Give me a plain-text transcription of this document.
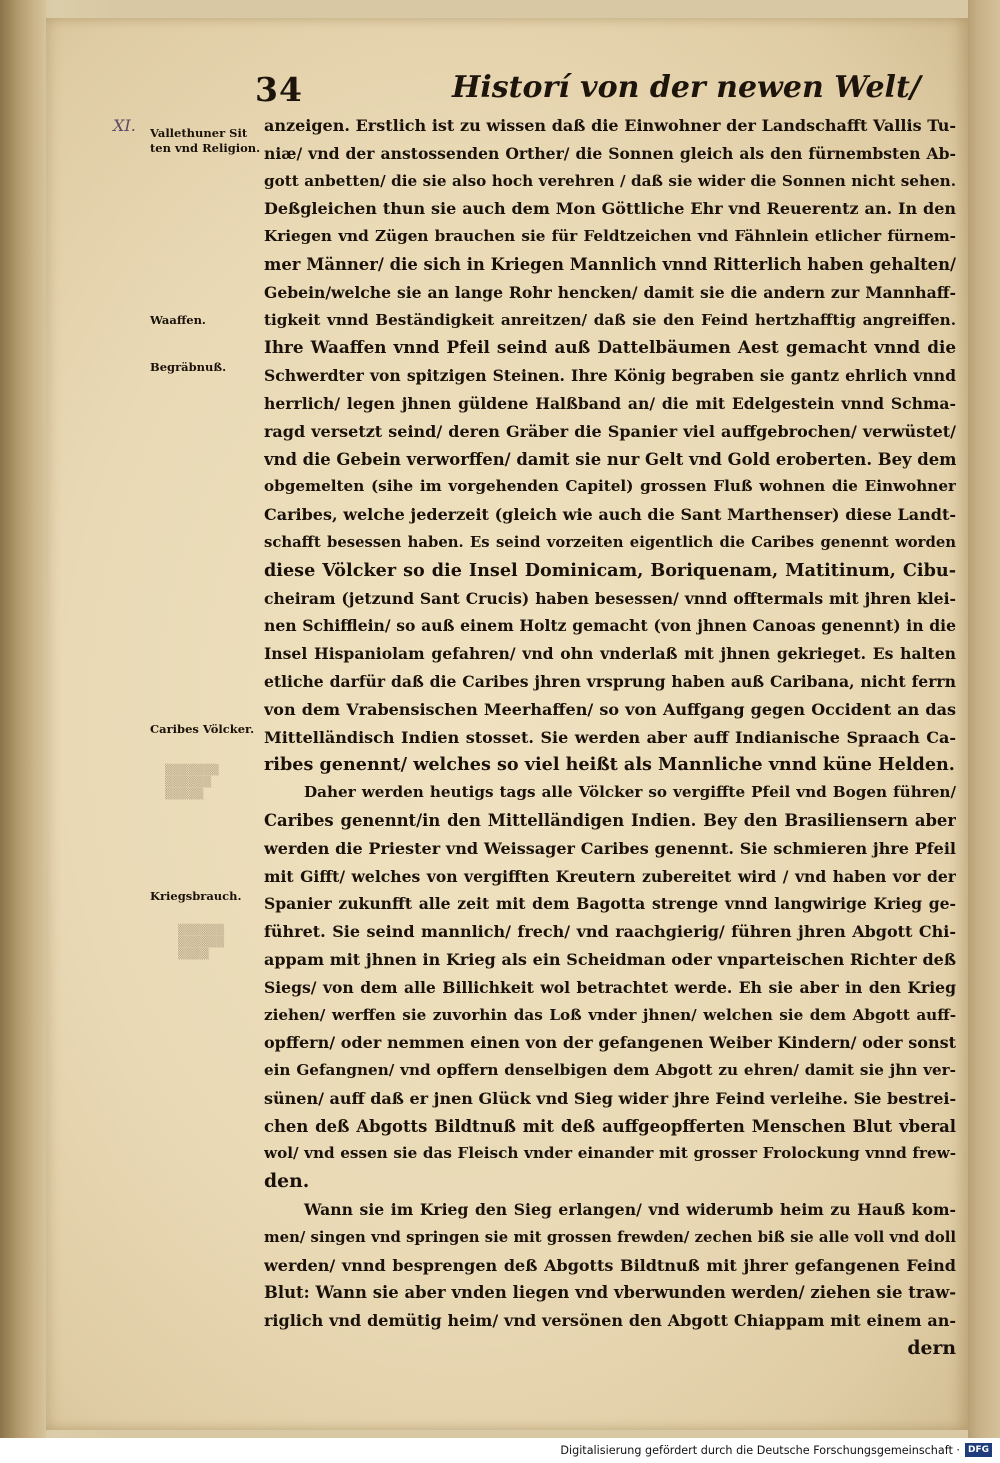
34	Historí von der newen Welt/
XI. Vallethuner Sit
ten vnd Religion.
Waaffen.
Begräbnuß.
Caribes Völcker.
Kriegsbrauch.
▒▒▒▒▒▒▒
▒▒▒▒▒▒
▒▒▒▒▒
▒▒▒▒▒▒
▒▒▒▒▒▒
▒▒▒▒
anzeigen. Erstlich ist zu wissen daß die Einwohner der Landschafft Vallis Tu-
niæ/ vnd der anstossenden Orther/ die Sonnen gleich als den fürnembsten Ab-
gott anbetten/ die sie also hoch verehren / daß sie wider die Sonnen nicht sehen.
Deßgleichen thun sie auch dem Mon Göttliche Ehr vnd Reuerentz an. In den
Kriegen vnd Zügen brauchen sie für Feldtzeichen vnd Fähnlein etlicher fürnem-
mer Männer/ die sich in Kriegen Mannlich vnnd Ritterlich haben gehalten/
Gebein/welche sie an lange Rohr hencken/ damit sie die andern zur Mannhaff-
tigkeit vnnd Beständigkeit anreitzen/ daß sie den Feind hertzhafftig angreiffen.
Ihre Waaffen vnnd Pfeil seind auß Dattelbäumen Aest gemacht vnnd die
Schwerdter von spitzigen Steinen. Ihre König begraben sie gantz ehrlich vnnd
herrlich/ legen jhnen güldene Halßband an/ die mit Edelgestein vnnd Schma-
ragd versetzt seind/ deren Gräber die Spanier viel auffgebrochen/ verwüstet/
vnd die Gebein verworffen/ damit sie nur Gelt vnd Gold eroberten. Bey dem
obgemelten (sihe im vorgehenden Capitel) grossen Fluß wohnen die Einwohner
Caribes, welche jederzeit (gleich wie auch die Sant Marthenser) diese Landt-
schafft besessen haben. Es seind vorzeiten eigentlich die Caribes genennt worden
diese Völcker so die Insel Dominicam, Boriquenam, Matitinum, Cibu-
cheiram (jetzund Sant Crucis) haben besessen/ vnnd offtermals mit jhren klei-
nen Schifflein/ so auß einem Holtz gemacht (von jhnen Canoas genennt) in die
Insel Hispaniolam gefahren/ vnd ohn vnderlaß mit jhnen gekrieget. Es halten
etliche darfür daß die Caribes jhren vrsprung haben auß Caribana, nicht ferrn
von dem Vrabensischen Meerhaffen/ so von Auffgang gegen Occident an das
Mittelländisch Indien stosset. Sie werden aber auff Indianische Spraach Ca-
ribes genennt/ welches so viel heißt als Mannliche vnnd küne Helden.
Daher werden heutigs tags alle Völcker so vergiffte Pfeil vnd Bogen führen/
Caribes genennt/in den Mittelländigen Indien. Bey den Brasiliensern aber
werden die Priester vnd Weissager Caribes genennt. Sie schmieren jhre Pfeil
mit Gifft/ welches von vergifften Kreutern zubereitet wird / vnd haben vor der
Spanier zukunfft alle zeit mit dem Bagotta strenge vnnd langwirige Krieg ge-
führet. Sie seind mannlich/ frech/ vnd raachgierig/ führen jhren Abgott Chi-
appam mit jhnen in Krieg als ein Scheidman oder vnparteischen Richter deß
Siegs/ von dem alle Billichkeit wol betrachtet werde. Eh sie aber in den Krieg
ziehen/ werffen sie zuvorhin das Loß vnder jhnen/ welchen sie dem Abgott auff-
opffern/ oder nemmen einen von der gefangenen Weiber Kindern/ oder sonst
ein Gefangnen/ vnd opffern denselbigen dem Abgott zu ehren/ damit sie jhn ver-
sünen/ auff daß er jnen Glück vnd Sieg wider jhre Feind verleihe. Sie bestrei-
chen deß Abgotts Bildtnuß mit deß auffgeopfferten Menschen Blut vberal
wol/ vnd essen sie das Fleisch vnder einander mit grosser Frolockung vnnd frew-
den.
Wann sie im Krieg den Sieg erlangen/ vnd widerumb heim zu Hauß kom-
men/ singen vnd springen sie mit grossen frewden/ zechen biß sie alle voll vnd doll
werden/ vnnd besprengen deß Abgotts Bildtnuß mit jhrer gefangenen Feind
Blut: Wann sie aber vnden liegen vnd vberwunden werden/ ziehen sie traw-
riglich vnd demütig heim/ vnd versönen den Abgott Chiappam mit einem an-
dern
Digitalisierung gefördert durch die Deutsche Forschungsgemeinschaft · DFG
